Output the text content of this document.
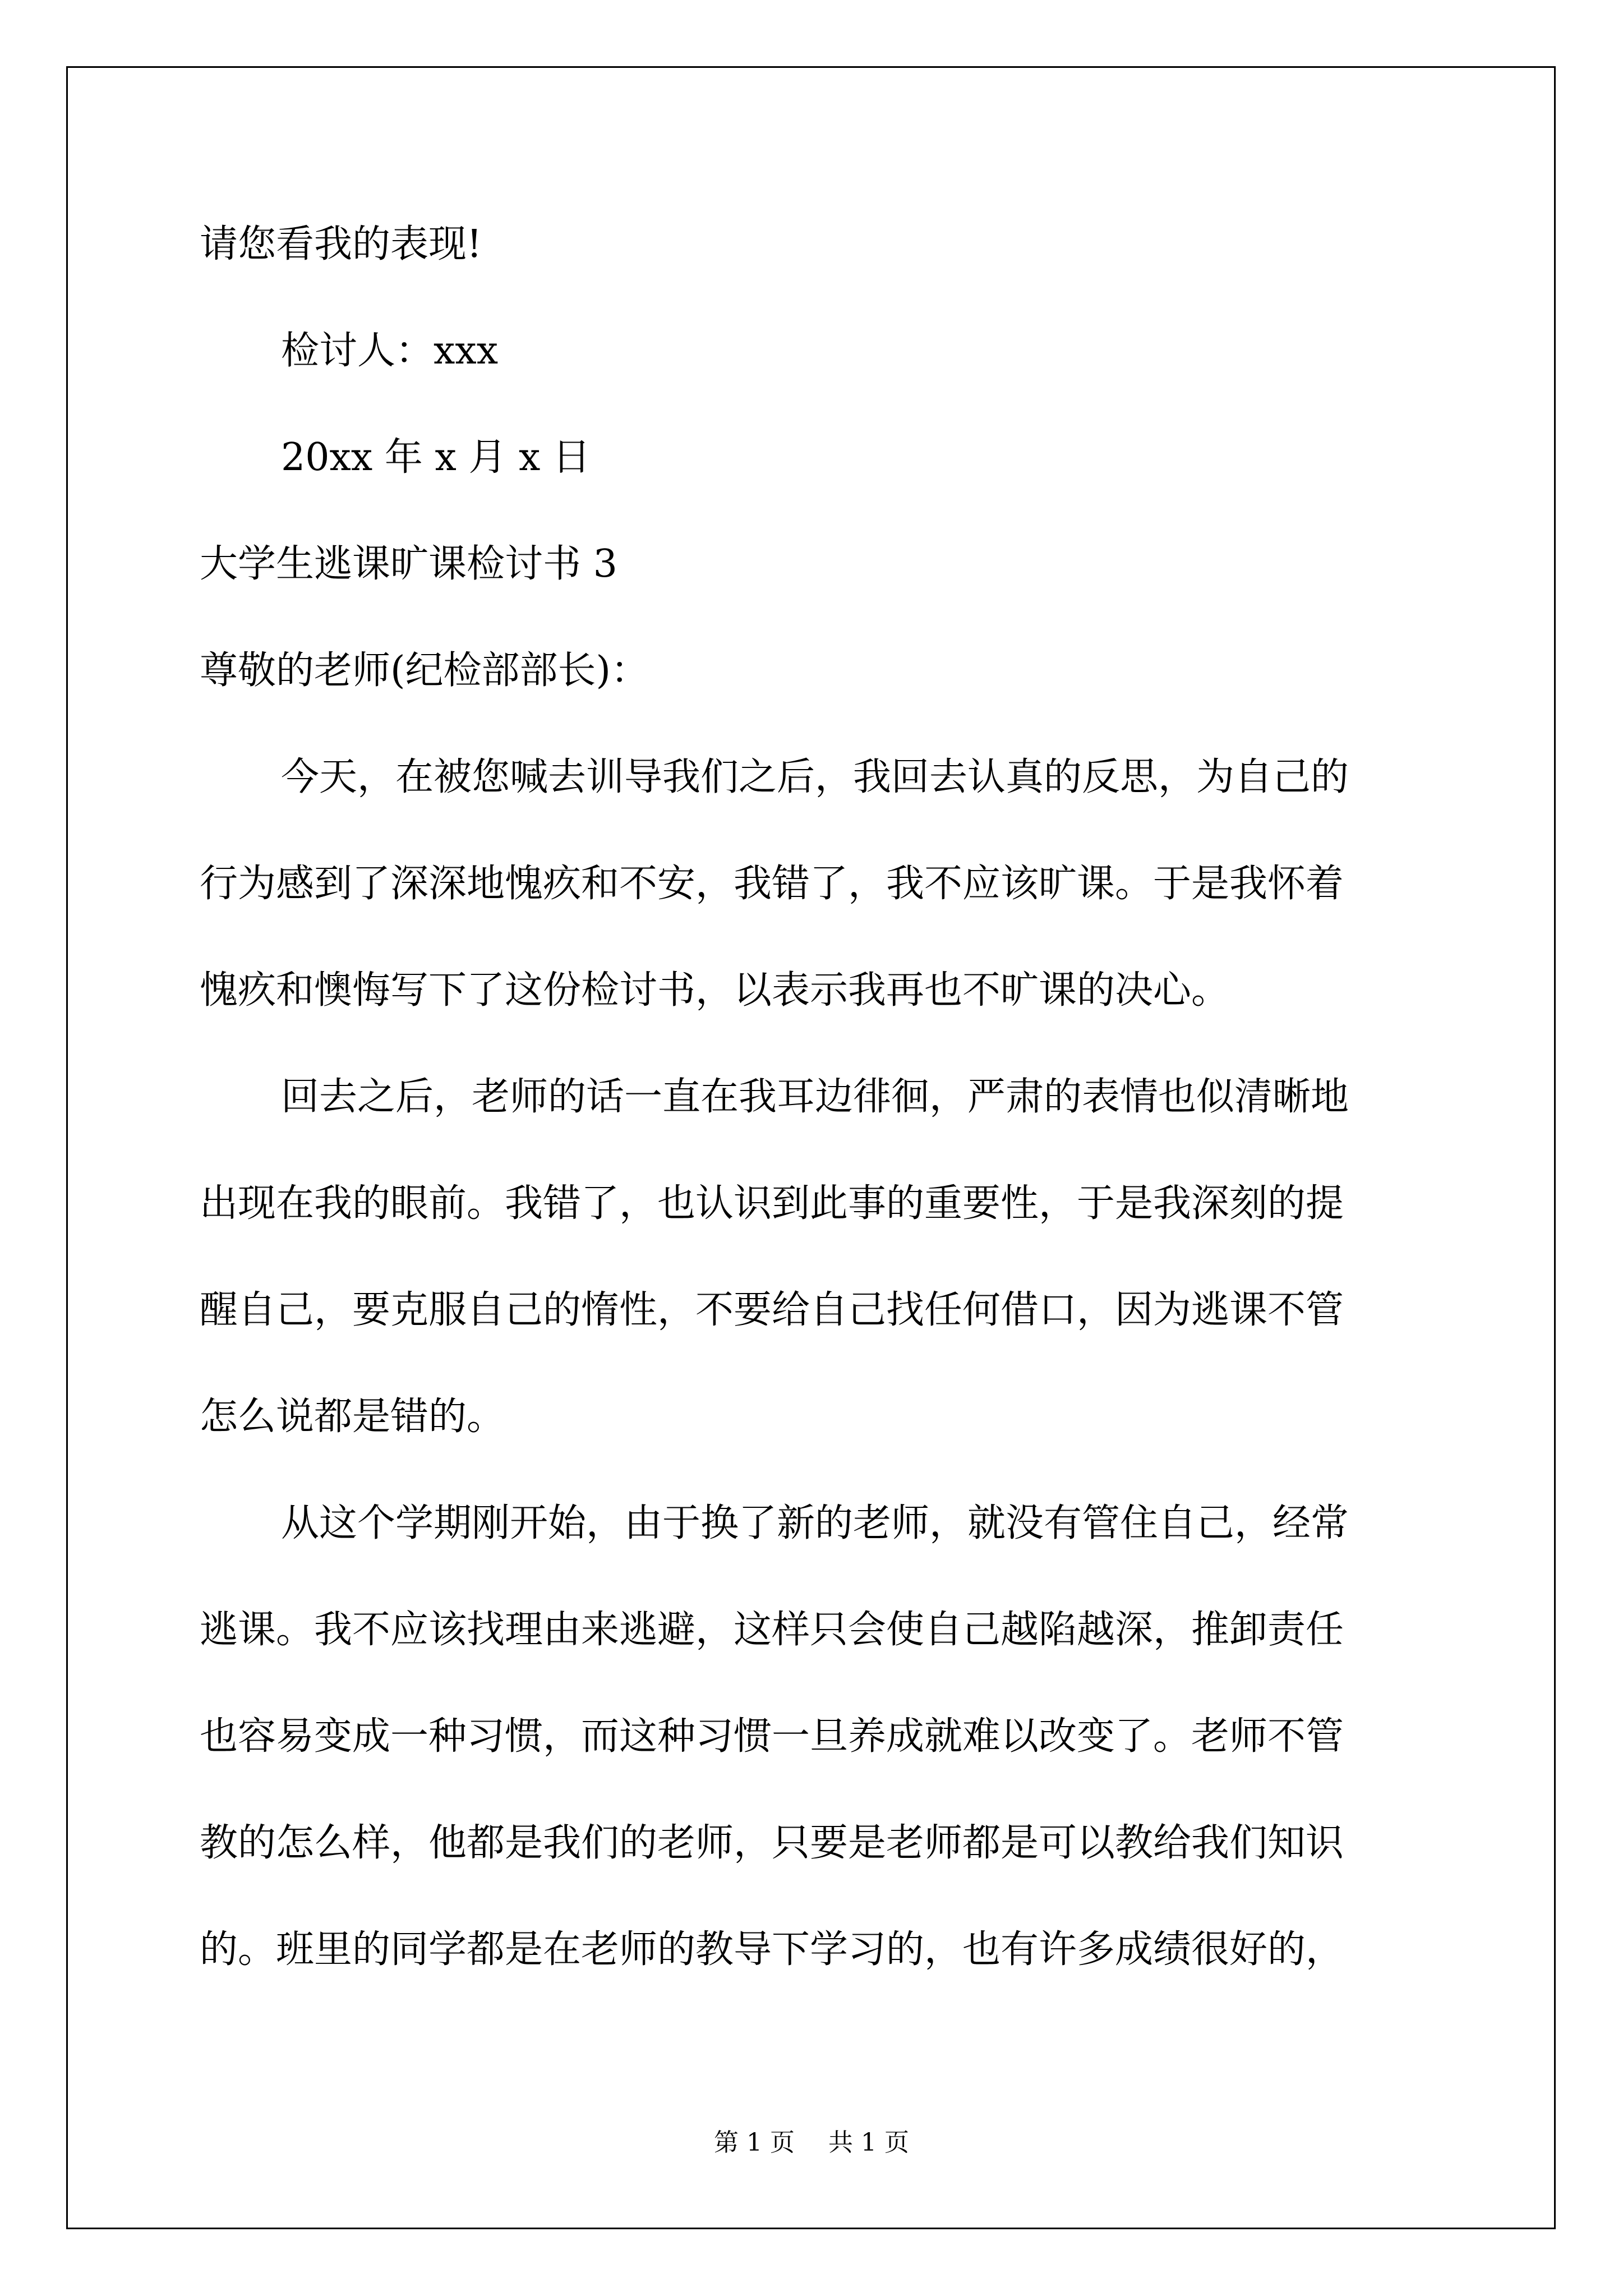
请您看我的表现!
检讨人：xxx
20xx 年 x 月 x 日
大学生逃课旷课检讨书 3
尊敬的老师(纪检部部长)：
今天，在被您喊去训导我们之后，我回去认真的反思，为自己的
行为感到了深深地愧疚和不安，我错了，我不应该旷课。于是我怀着
愧疚和懊悔写下了这份检讨书，以表示我再也不旷课的决心。
回去之后，老师的话一直在我耳边徘徊，严肃的表情也似清晰地
出现在我的眼前。我错了，也认识到此事的重要性，于是我深刻的提
醒自己，要克服自己的惰性，不要给自己找任何借口，因为逃课不管
怎么说都是错的。
从这个学期刚开始，由于换了新的老师，就没有管住自己，经常
逃课。我不应该找理由来逃避，这样只会使自己越陷越深，推卸责任
也容易变成一种习惯，而这种习惯一旦养成就难以改变了。老师不管
教的怎么样，他都是我们的老师，只要是老师都是可以教给我们知识
的。班里的同学都是在老师的教导下学习的，也有许多成绩很好的，
第 1 页 共 1 页
